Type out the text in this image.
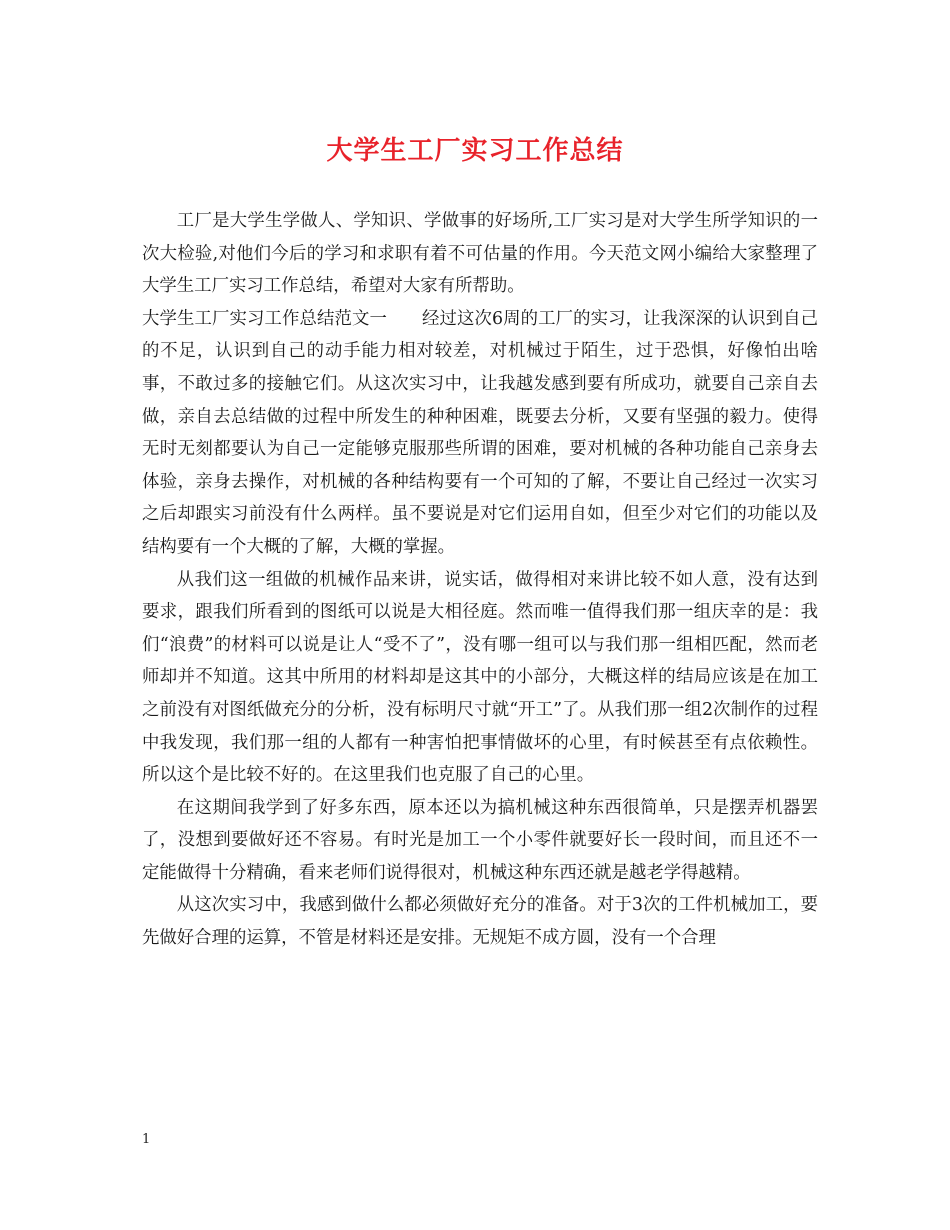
大学生工厂实习工作总结

工厂是大学生学做人、学知识、学做事的好场所,工厂实习是对大学生所学知识的一次大检验,对他们今后的学习和求职有着不可估量的作用。今天范文网小编给大家整理了大学生工厂实习工作总结，希望对大家有所帮助。

大学生工厂实习工作总结范文一　　经过这次6周的工厂的实习，让我深深的认识到自己的不足，认识到自己的动手能力相对较差，对机械过于陌生，过于恐惧，好像怕出啥事，不敢过多的接触它们。从这次实习中，让我越发感到要有所成功，就要自己亲自去做，亲自去总结做的过程中所发生的种种困难，既要去分析，又要有坚强的毅力。使得无时无刻都要认为自己一定能够克服那些所谓的困难，要对机械的各种功能自己亲身去体验，亲身去操作，对机械的各种结构要有一个可知的了解，不要让自己经过一次实习之后却跟实习前没有什么两样。虽不要说是对它们运用自如，但至少对它们的功能以及结构要有一个大概的了解，大概的掌握。

从我们这一组做的机械作品来讲，说实话，做得相对来讲比较不如人意，没有达到要求，跟我们所看到的图纸可以说是大相径庭。然而唯一值得我们那一组庆幸的是：我们“浪费”的材料可以说是让人“受不了”，没有哪一组可以与我们那一组相匹配，然而老师却并不知道。这其中所用的材料却是这其中的小部分，大概这样的结局应该是在加工之前没有对图纸做充分的分析，没有标明尺寸就“开工”了。从我们那一组2次制作的过程中我发现，我们那一组的人都有一种害怕把事情做坏的心里，有时候甚至有点依赖性。所以这个是比较不好的。在这里我们也克服了自己的心里。

在这期间我学到了好多东西，原本还以为搞机械这种东西很简单，只是摆弄机器罢了，没想到要做好还不容易。有时光是加工一个小零件就要好长一段时间，而且还不一定能做得十分精确，看来老师们说得很对，机械这种东西还就是越老学得越精。

从这次实习中，我感到做什么都必须做好充分的准备。对于3次的工件机械加工，要先做好合理的运算，不管是材料还是安排。无规矩不成方圆，没有一个合理

1
